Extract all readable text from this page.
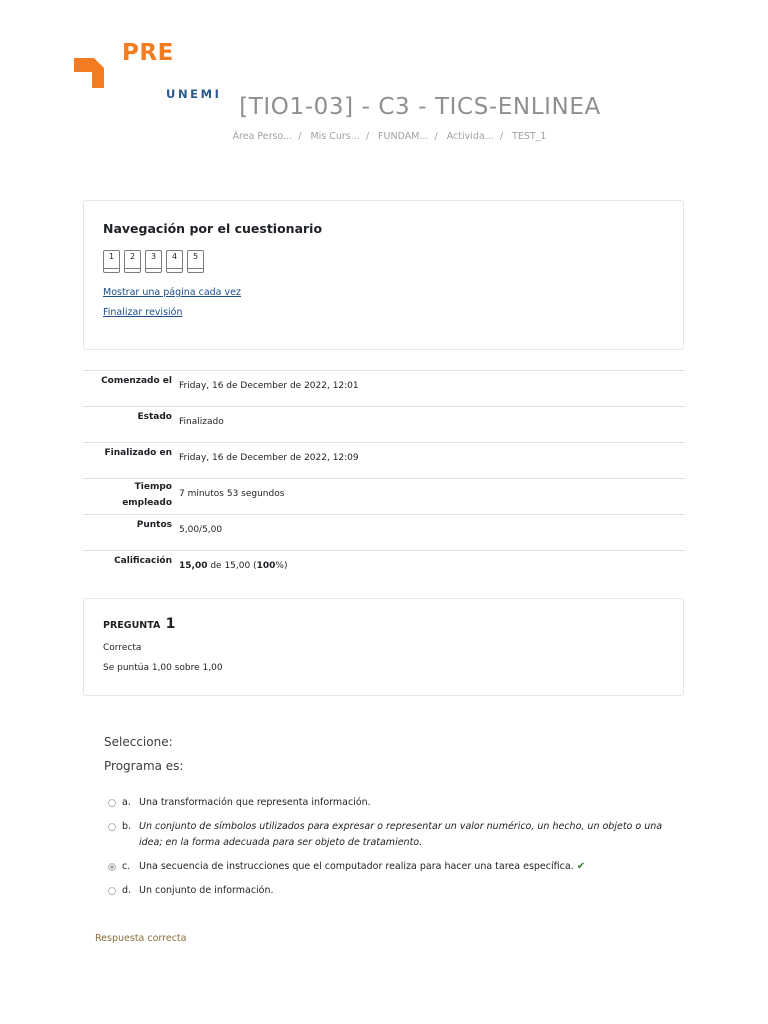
PRE
UNEMI [TIO1-03] - C3 - TICS-ENLINEA
Área Perso... / Mis Curs... / FUNDAM... / Activida... / TEST_1
Navegación por el cuestionario
1	2	3	4	5
Mostrar una página cada vez
Finalizar revisión
Comenzado el Friday, 16 de December de 2022, 12:01
Estado Finalizado
Finalizado en Friday, 16 de December de 2022, 12:09
Tiempo
empleado
7 minutos 53 segundos
Puntos 5,00/5,00
Calificación 15,00 de 15,00 (100%)
PREGUNTA 1
Correcta
Se puntúa 1,00 sobre 1,00
Seleccione:
Programa es:
a. Una transformación que representa información.
b. Un conjunto de símbolos utilizados para expresar o representar un valor numérico, un hecho, un objeto o una idea; en la forma adecuada para ser objeto de tratamiento.
c. Una secuencia de instrucciones que el computador realiza para hacer una tarea específica. ✔
d. Un conjunto de información.
Respuesta correcta
